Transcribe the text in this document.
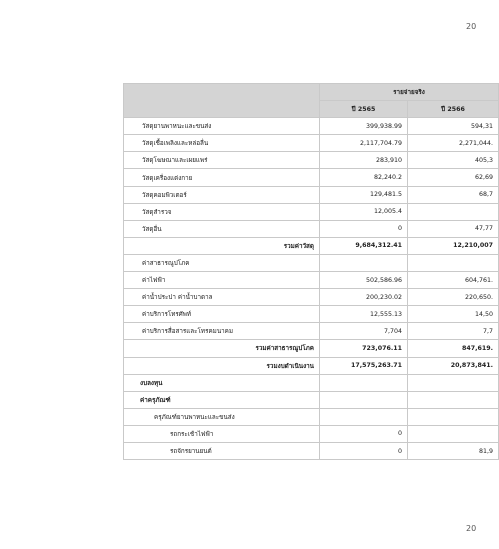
20
	รายจ่ายจริง	
	ปี 2565	ปี 2566
วัสดุยานพาหนะและขนส่ง	399,938.99	594,31
วัสดุเชื้อเพลิงและหล่อลื่น	2,117,704.79	2,271,044.
วัสดุโฆษณาและเผยแพร่	283,910	405,3
วัสดุเครื่องแต่งกาย	82,240.2	62,69
วัสดุคอมพิวเตอร์	129,481.5	68,7
วัสดุสำรวจ	12,005.4	
วัสดุอื่น	0	47,77
รวมค่าวัสดุ	9,684,312.41	12,210,007
ค่าสาธารณูปโภค		
ค่าไฟฟ้า	502,586.96	604,761.
ค่าน้ำประปา ค่าน้ำบาดาล	200,230.02	220,650.
ค่าบริการโทรศัพท์	12,555.13	14,50
ค่าบริการสื่อสารและโทรคมนาคม	7,704	7,7
รวมค่าสาธารณูปโภค	723,076.11	847,619.
รวมงบดำเนินงาน	17,575,263.71	20,873,841.
งบลงทุน		
ค่าครุภัณฑ์		
ครุภัณฑ์ยานพาหนะและขนส่ง		
รถกระเช้าไฟฟ้า	0	
รถจักรยานยนต์	0	81,9
20
